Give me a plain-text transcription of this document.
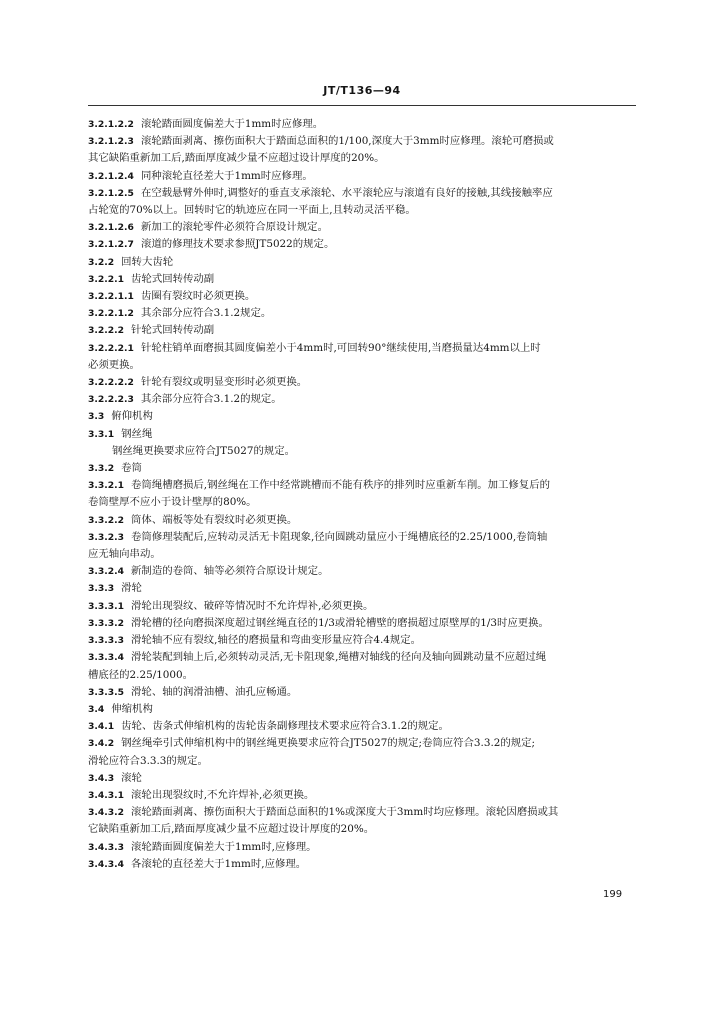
JT/T136—94

3.2.1.2.2 滚轮踏面圆度偏差大于1mm时应修理。

3.2.1.2.3 滚轮踏面剥离、擦伤面积大于踏面总面积的1/100,深度大于3mm时应修理。滚轮可磨损或

其它缺陷重新加工后,踏面厚度减少量不应超过设计厚度的20%。

3.2.1.2.4 同种滚轮直径差大于1mm时应修理。

3.2.1.2.5 在空载悬臂外伸时,调整好的垂直支承滚轮、水平滚轮应与滚道有良好的接触,其线接触率应

占轮宽的70%以上。回转时它的轨迹应在同一平面上,且转动灵活平稳。

3.2.1.2.6 新加工的滚轮零件必须符合原设计规定。

3.2.1.2.7 滚道的修理技术要求参照JT5022的规定。

3.2.2 回转大齿轮

3.2.2.1 齿轮式回转传动副

3.2.2.1.1 齿圈有裂纹时必须更换。

3.2.2.1.2 其余部分应符合3.1.2规定。

3.2.2.2 针轮式回转传动副

3.2.2.2.1 针轮柱销单面磨损其圆度偏差小于4mm时,可回转90°继续使用,当磨损量达4mm以上时

必须更换。

3.2.2.2.2 针轮有裂纹或明显变形时必须更换。

3.2.2.2.3 其余部分应符合3.1.2的规定。

3.3 俯仰机构

3.3.1 钢丝绳

钢丝绳更换要求应符合JT5027的规定。

3.3.2 卷筒

3.3.2.1 卷筒绳槽磨损后,钢丝绳在工作中经常跳槽而不能有秩序的排列时应重新车削。加工修复后的

卷筒壁厚不应小于设计壁厚的80%。

3.3.2.2 筒体、端板等处有裂纹时必须更换。

3.3.2.3 卷筒修理装配后,应转动灵活无卡阻现象,径向圆跳动量应小于绳槽底径的2.25/1000,卷筒轴

应无轴向串动。

3.3.2.4 新制造的卷筒、轴等必须符合原设计规定。

3.3.3 滑轮

3.3.3.1 滑轮出现裂纹、破碎等情况时不允许焊补,必须更换。

3.3.3.2 滑轮槽的径向磨损深度超过钢丝绳直径的1/3或滑轮槽壁的磨损超过原壁厚的1/3时应更换。

3.3.3.3 滑轮轴不应有裂纹,轴径的磨损量和弯曲变形量应符合4.4规定。

3.3.3.4 滑轮装配到轴上后,必须转动灵活,无卡阻现象,绳槽对轴线的径向及轴向圆跳动量不应超过绳

槽底径的2.25/1000。

3.3.3.5 滑轮、轴的润滑油槽、油孔应畅通。

3.4 伸缩机构

3.4.1 齿轮、齿条式伸缩机构的齿轮齿条副修理技术要求应符合3.1.2的规定。

3.4.2 钢丝绳牵引式伸缩机构中的钢丝绳更换要求应符合JT5027的规定;卷筒应符合3.3.2的规定;

滑轮应符合3.3.3的规定。

3.4.3 滚轮

3.4.3.1 滚轮出现裂纹时,不允许焊补,必须更换。

3.4.3.2 滚轮踏面剥离、擦伤面积大于踏面总面积的1%或深度大于3mm时均应修理。滚轮因磨损或其

它缺陷重新加工后,踏面厚度减少量不应超过设计厚度的20%。

3.4.3.3 滚轮踏面圆度偏差大于1mm时,应修理。

3.4.3.4 各滚轮的直径差大于1mm时,应修理。

199
